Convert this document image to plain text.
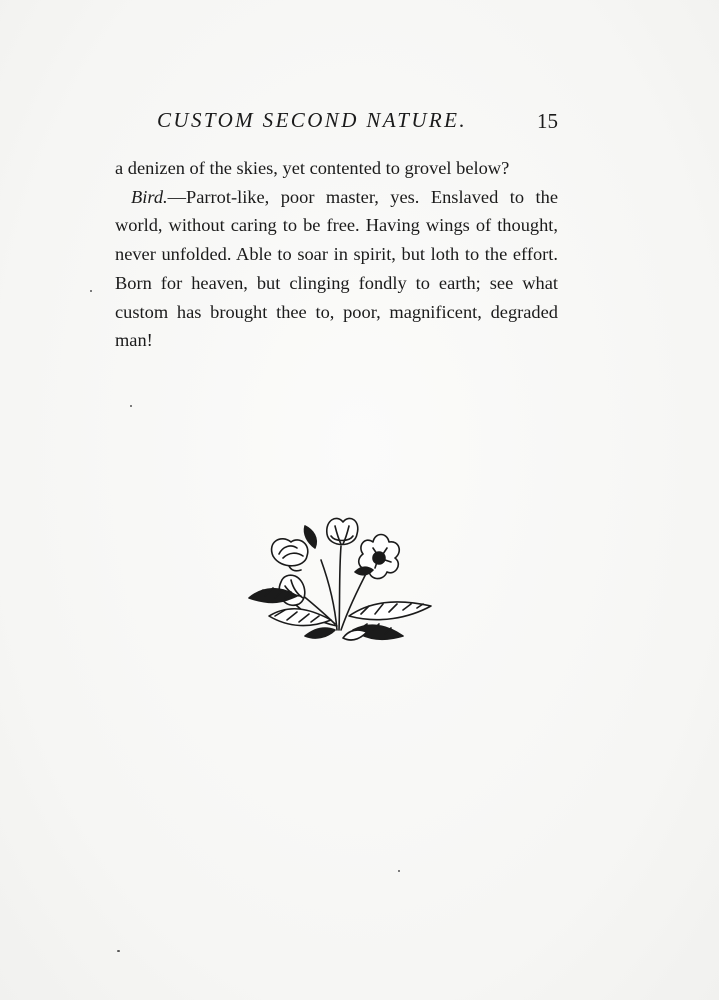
CUSTOM SECOND NATURE.	15

a denizen of the skies, yet contented to grovel below?

Bird.—Parrot-like, poor master, yes. Enslaved to the world, without caring to be free. Having wings of thought, never unfolded. Able to soar in spirit, but loth to the effort. Born for heaven, but clinging fondly to earth; see what custom has brought thee to, poor, magnificent, degraded man!
